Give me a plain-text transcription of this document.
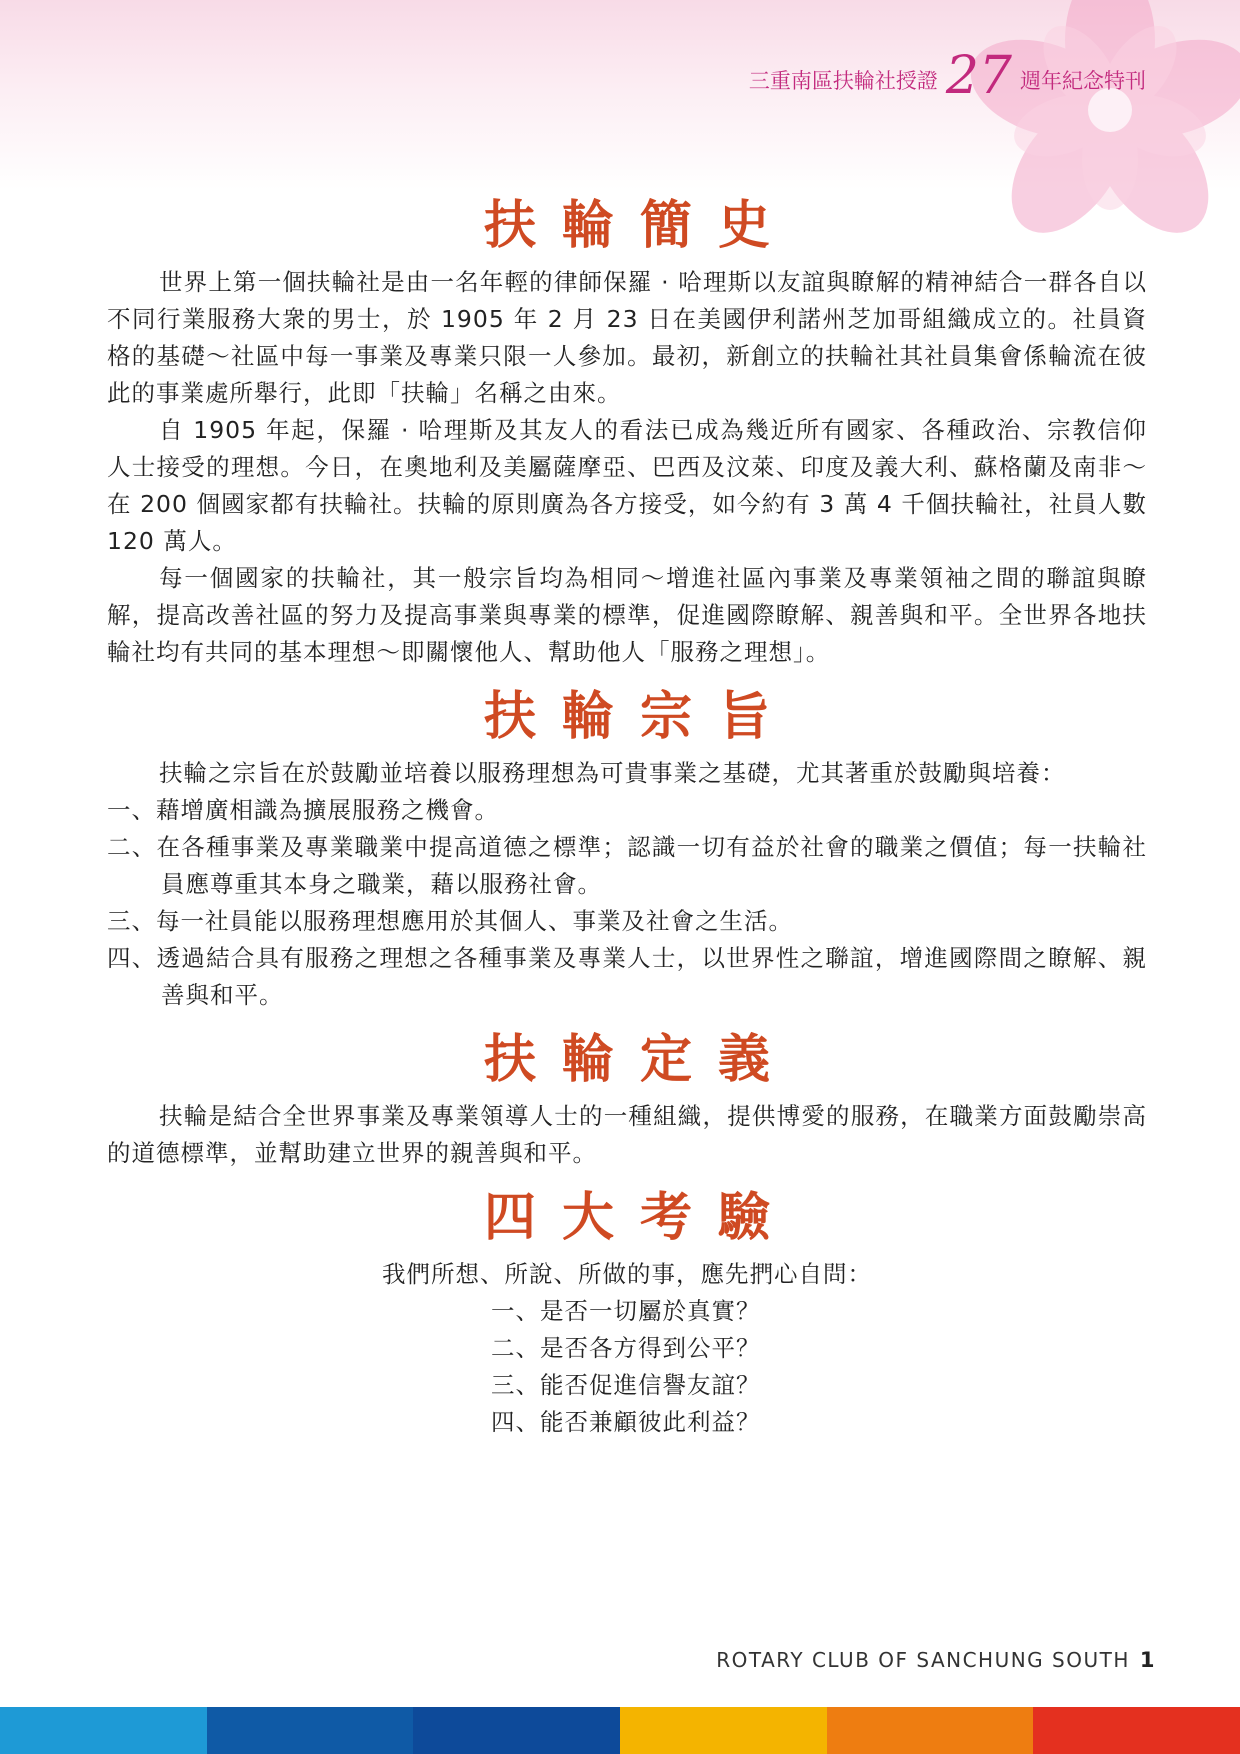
三重南區扶輪社授證 27 週年紀念特刊
扶輪簡史

世界上第一個扶輪社是由一名年輕的律師保羅 · 哈理斯以友誼與瞭解的精神結合一群各自以不同行業服務大衆的男士，於 1905 年 2 月 23 日在美國伊利諾州芝加哥組織成立的。社員資格的基礎～社區中每一事業及專業只限一人參加。最初，新創立的扶輪社其社員集會係輪流在彼此的事業處所舉行，此即「扶輪」名稱之由來。

自 1905 年起，保羅 · 哈理斯及其友人的看法已成為幾近所有國家、各種政治、宗教信仰人士接受的理想。今日，在奧地利及美屬薩摩亞、巴西及汶萊、印度及義大利、蘇格蘭及南非～在 200 個國家都有扶輪社。扶輪的原則廣為各方接受，如今約有 3 萬 4 千個扶輪社，社員人數 120 萬人。

每一個國家的扶輪社，其一般宗旨均為相同～增進社區內事業及專業領袖之間的聯誼與瞭解，提高改善社區的努力及提高事業與專業的標準，促進國際瞭解、親善與和平。全世界各地扶輪社均有共同的基本理想～即關懷他人、幫助他人「服務之理想」。

扶輪宗旨

扶輪之宗旨在於鼓勵並培養以服務理想為可貴事業之基礎，尤其著重於鼓勵與培養：

一、藉增廣相識為擴展服務之機會。
二、在各種事業及專業職業中提高道德之標準；認識一切有益於社會的職業之價值；每一扶輪社員應尊重其本身之職業，藉以服務社會。
三、每一社員能以服務理想應用於其個人、事業及社會之生活。
四、透過結合具有服務之理想之各種事業及專業人士，以世界性之聯誼，增進國際間之瞭解、親善與和平。
扶輪定義

扶輪是結合全世界事業及專業領導人士的一種組織，提供博愛的服務，在職業方面鼓勵崇高的道德標準，並幫助建立世界的親善與和平。

四大考驗
我們所想、所說、所做的事，應先捫心自問：
一、是否一切屬於真實？
二、是否各方得到公平？
三、能否促進信譽友誼？
四、能否兼顧彼此利益？
ROTARY CLUB OF SANCHUNG SOUTH 1
